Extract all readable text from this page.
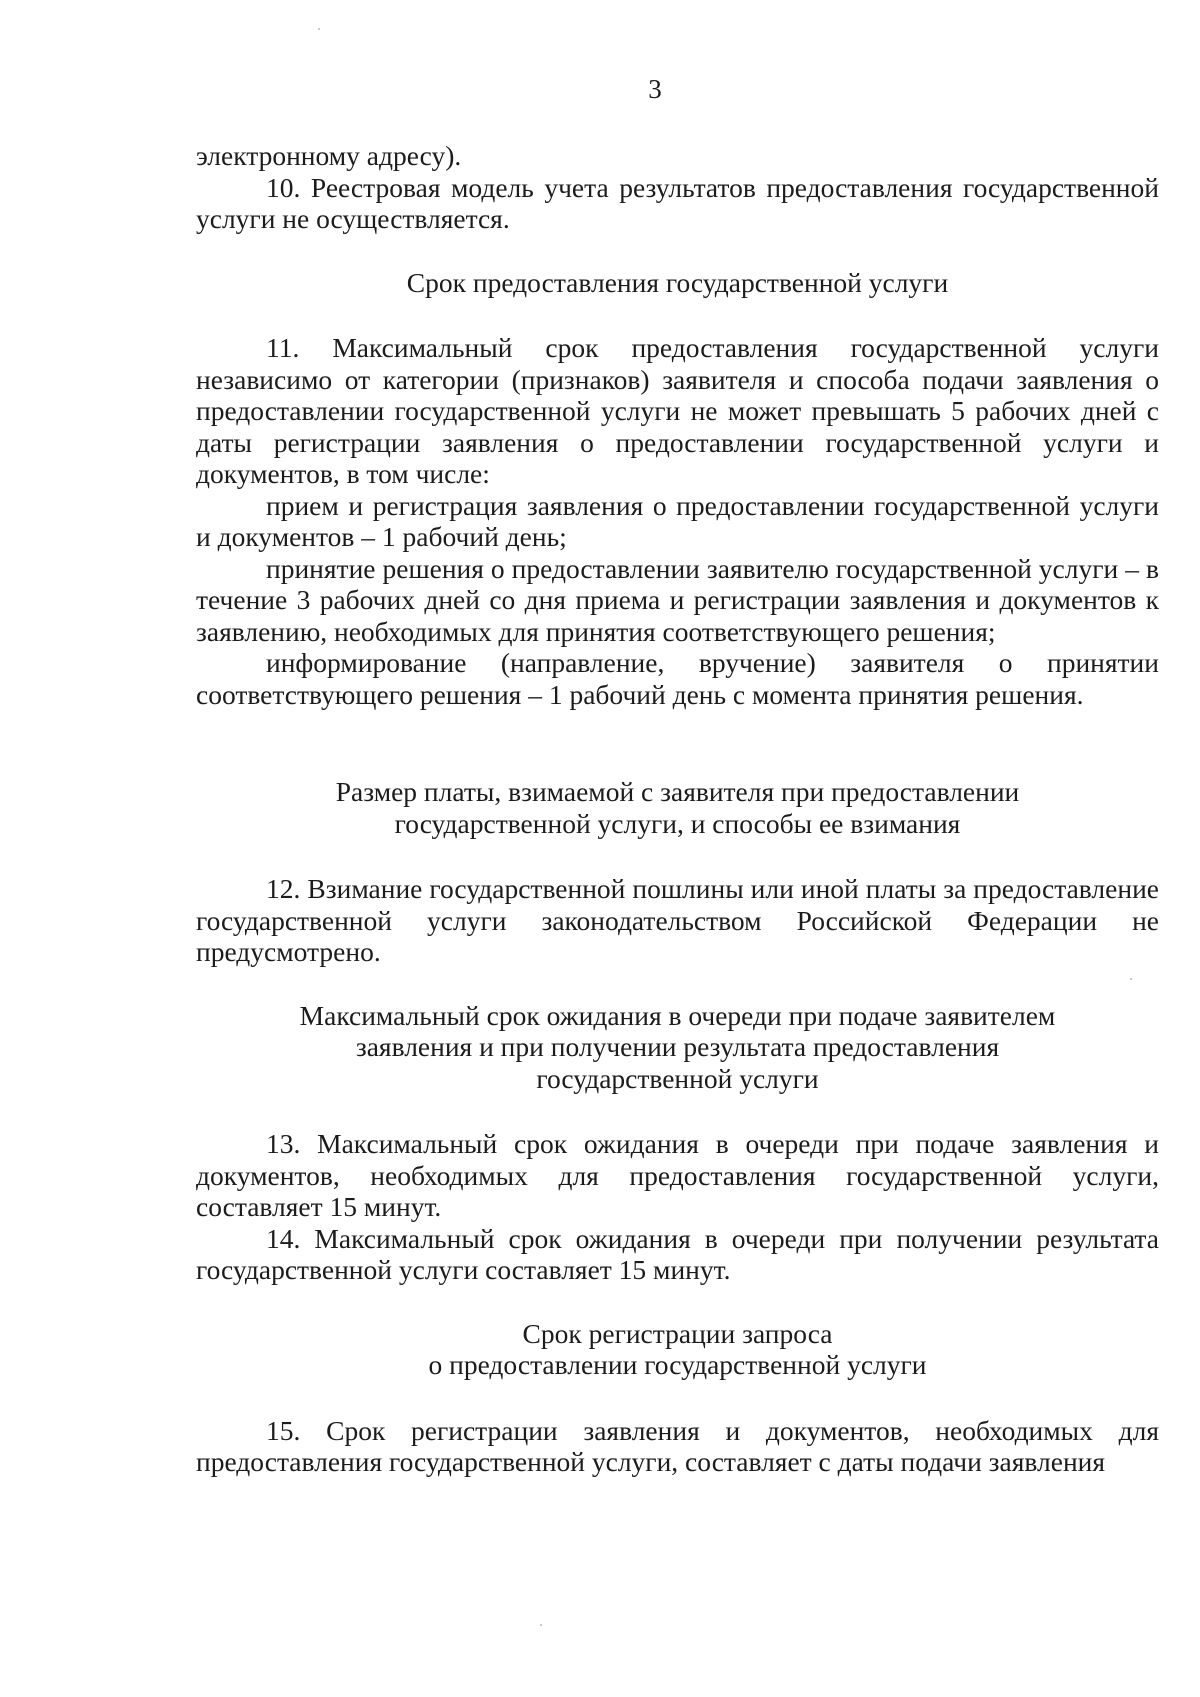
3

электронному адресу).

10. Реестровая модель учета результатов предоставления государственной услуги не осуществляется.

Срок предоставления государственной услуги

11. Максимальный срок предоставления государственной услуги независимо от категории (признаков) заявителя и способа подачи заявления о предоставлении государственной услуги не может превышать 5 рабочих дней с даты регистрации заявления о предоставлении государственной услуги и документов, в том числе:

прием и регистрация заявления о предоставлении государственной услуги и документов – 1 рабочий день;

принятие решения о предоставлении заявителю государственной услуги – в течение 3 рабочих дней со дня приема и регистрации заявления и документов к заявлению, необходимых для принятия соответствующего решения;

информирование (направление, вручение) заявителя о принятии соответствующего решения – 1 рабочий день с момента принятия решения.

Размер платы, взимаемой с заявителя при предоставлении
государственной услуги, и способы ее взимания

12. Взимание государственной пошлины или иной платы за предоставление государственной услуги законодательством Российской Федерации не предусмотрено.

Максимальный срок ожидания в очереди при подаче заявителем
заявления и при получении результата предоставления
государственной услуги

13. Максимальный срок ожидания в очереди при подаче заявления и документов, необходимых для предоставления государственной услуги, составляет 15 минут.

14. Максимальный срок ожидания в очереди при получении результата государственной услуги составляет 15 минут.

Срок регистрации запроса
о предоставлении государственной услуги

15. Срок регистрации заявления и документов, необходимых для предоставления государственной услуги, составляет с даты подачи заявления
